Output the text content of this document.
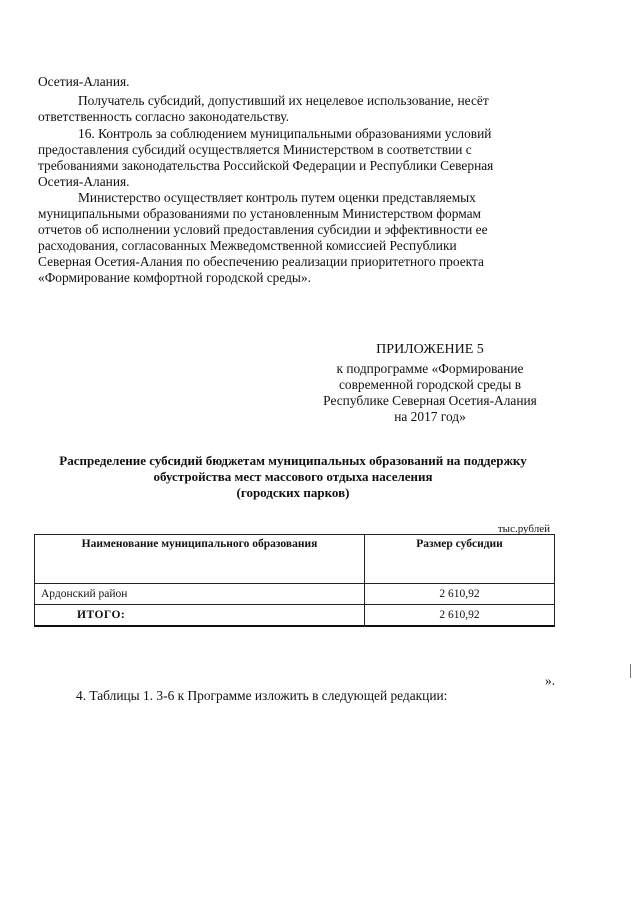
Осетия-Алания.
Получатель субсидий, допустивший их нецелевое использование, несёт
ответственность согласно законодательству.
16. Контроль за соблюдением муниципальными образованиями условий
предоставления субсидий осуществляется Министерством в соответствии с
требованиями законодательства Российской Федерации и Республики Северная
Осетия-Алания.
Министерство осуществляет контроль путем оценки представляемых
муниципальными образованиями по установленным Министерством формам
отчетов об исполнении условий предоставления субсидии и эффективности ее
расходования, согласованных Межведомственной комиссией Республики
Северная Осетия-Алания по обеспечению реализации приоритетного проекта
«Формирование комфортной городской среды».
ПРИЛОЖЕНИЕ 5
к подпрограмме «Формирование
современной городской среды в
Республике Северная Осетия-Алания
на 2017 год»
Распределение субсидий бюджетам муниципальных образований на поддержку
обустройства мест массового отдыха населения
(городских парков)
тыс.рублей
Наименование муниципального образования	Размер субсидии
Ардонский район	2 610,92
ИТОГО:	2 610,92
».
4. Таблицы 1. 3-6 к Программе изложить в следующей редакции:
